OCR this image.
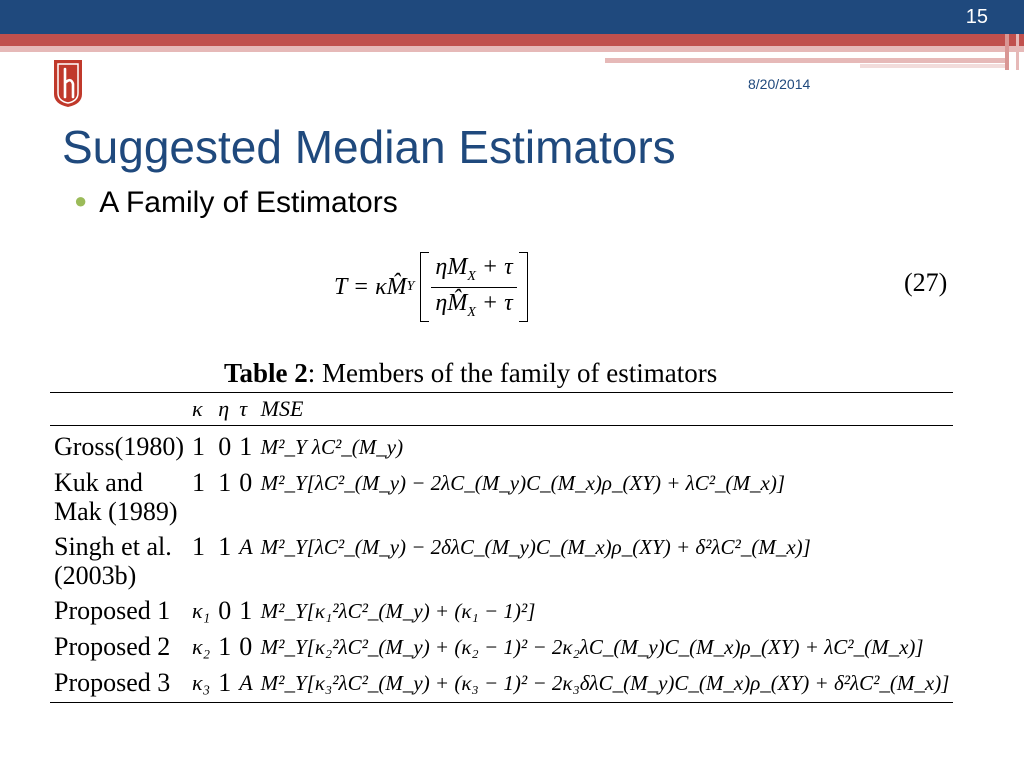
15
8/20/2014
Suggested Median Estimators
● A Family of Estimators
T = κM̂ Y $\frac{\eta M_X + \tau}{\eta M̂_X + \tau}$	(27)
Table 2: Members of the family of estimators
	κ	η	τ	MSE
Gross(1980)	1	0	1	M²_Y λC²_(M_y)
Kuk and Mak (1989)	1	1	0	M²_Y[λC²_(M_y) − 2λC_(M_y)C_(M_x)ρ_(XY) + λC²_(M_x)]
Singh et al. (2003b)	1	1	A	M²_Y[λC²_(M_y) − 2δλC_(M_y)C_(M_x)ρ_(XY) + δ²λC²_(M_x)]
Proposed 1	κ₁	0	1	M²_Y[κ₁²λC²_(M_y) + (κ₁ − 1)²]
Proposed 2	κ₂	1	0	M²_Y[κ₂²λC²_(M_y) + (κ₂ − 1)² − 2κ₂λC_(M_y)C_(M_x)ρ_(XY) + λC²_(M_x)]
Proposed 3	κ₃	1	A	M²_Y[κ₃²λC²_(M_y) + (κ₃ − 1)² − 2κ₃δλC_(M_y)C_(M_x)ρ_(XY) + δ²λC²_(M_x)]
